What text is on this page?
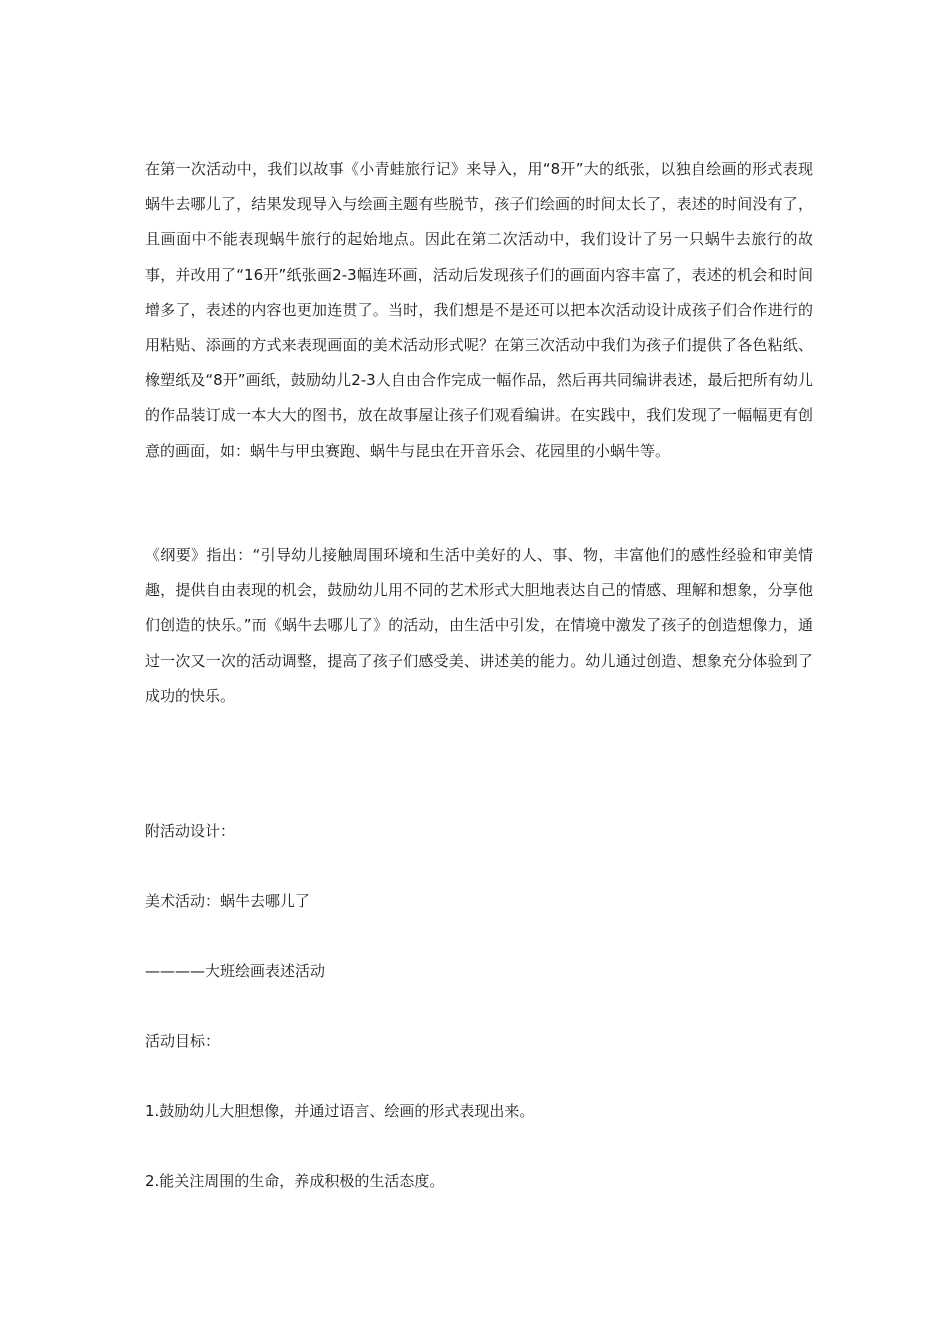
在第一次活动中，我们以故事《小青蛙旅行记》来导入，用“8开”大的纸张，以独自绘画的形式表现蜗牛去哪儿了，结果发现导入与绘画主题有些脱节，孩子们绘画的时间太长了，表述的时间没有了，且画面中不能表现蜗牛旅行的起始地点。因此在第二次活动中，我们设计了另一只蜗牛去旅行的故事，并改用了“16开”纸张画2-3幅连环画，活动后发现孩子们的画面内容丰富了，表述的机会和时间增多了，表述的内容也更加连贯了。当时，我们想是不是还可以把本次活动设计成孩子们合作进行的用粘贴、添画的方式来表现画面的美术活动形式呢？在第三次活动中我们为孩子们提供了各色粘纸、橡塑纸及“8开”画纸，鼓励幼儿2-3人自由合作完成一幅作品，然后再共同编讲表述，最后把所有幼儿的作品装订成一本大大的图书，放在故事屋让孩子们观看编讲。在实践中，我们发现了一幅幅更有创意的画面，如：蜗牛与甲虫赛跑、蜗牛与昆虫在开音乐会、花园里的小蜗牛等。

《纲要》指出：“引导幼儿接触周围环境和生活中美好的人、事、物，丰富他们的感性经验和审美情趣，提供自由表现的机会，鼓励幼儿用不同的艺术形式大胆地表达自己的情感、理解和想象，分享他们创造的快乐。”而《蜗牛去哪儿了》的活动，由生活中引发，在情境中激发了孩子的创造想像力，通过一次又一次的活动调整，提高了孩子们感受美、讲述美的能力。幼儿通过创造、想象充分体验到了成功的快乐。

附活动设计：

美术活动：蜗牛去哪儿了

————大班绘画表述活动

活动目标：

1.鼓励幼儿大胆想像，并通过语言、绘画的形式表现出来。

2.能关注周围的生命，养成积极的生活态度。
